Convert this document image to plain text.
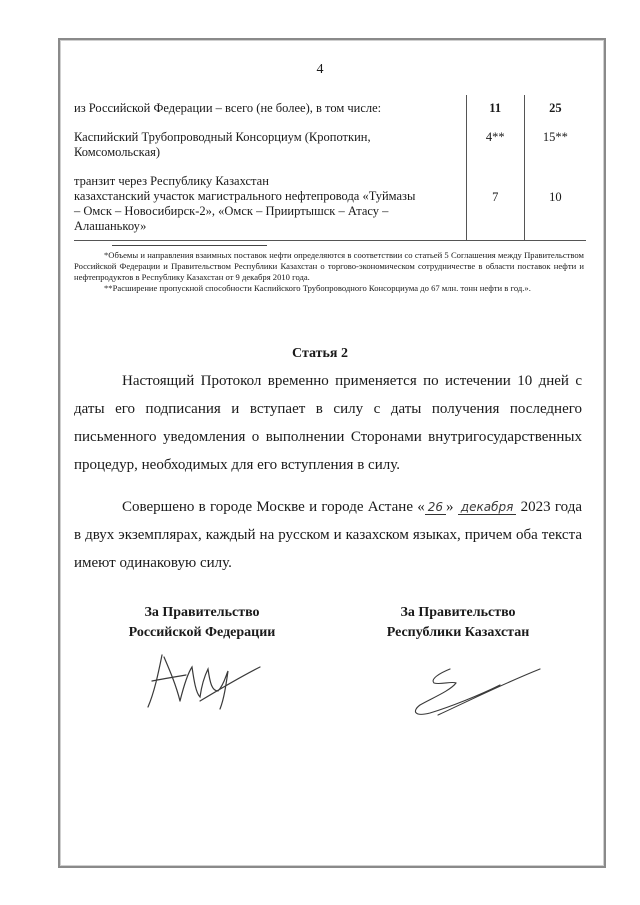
4
из Российской Федерации – всего (не более), в том числе:	11	25
Каспийский Трубопроводный Консорциум (Кропоткин,
Комсомольская)	4**	15**
транзит через Республику Казахстан
казахстанский участок магистрального нефтепровода «Туймазы
– Омск – Новосибирск-2», «Омск – Прииртышск – Атасу –
Алашанькоу»	7	10

*Объемы и направления взаимных поставок нефти определяются в соответствии со статьей 5 Соглашения между Правительством Российской Федерации и Правительством Республики Казахстан о торгово-экономическом сотрудничестве в области поставок нефти и нефтепродуктов в Республику Казахстан от 9 декабря 2010 года.

**Расширение пропускной способности Каспийского Трубопроводного Консорциума до 67 млн. тонн нефти в год.».

Статья 2

Настоящий Протокол временно применяется по истечении 10 дней с даты его подписания и вступает в силу с даты получения последнего письменного уведомления о выполнении Сторонами внутригосударственных процедур, необходимых для его вступления в силу.

Совершено в городе Москве и городе Астане « 26 » декабря 2023 года в двух экземплярах, каждый на русском и казахском языках, причем оба текста имеют одинаковую силу.

За Правительство
Российской Федерации
За Правительство
Республики Казахстан
